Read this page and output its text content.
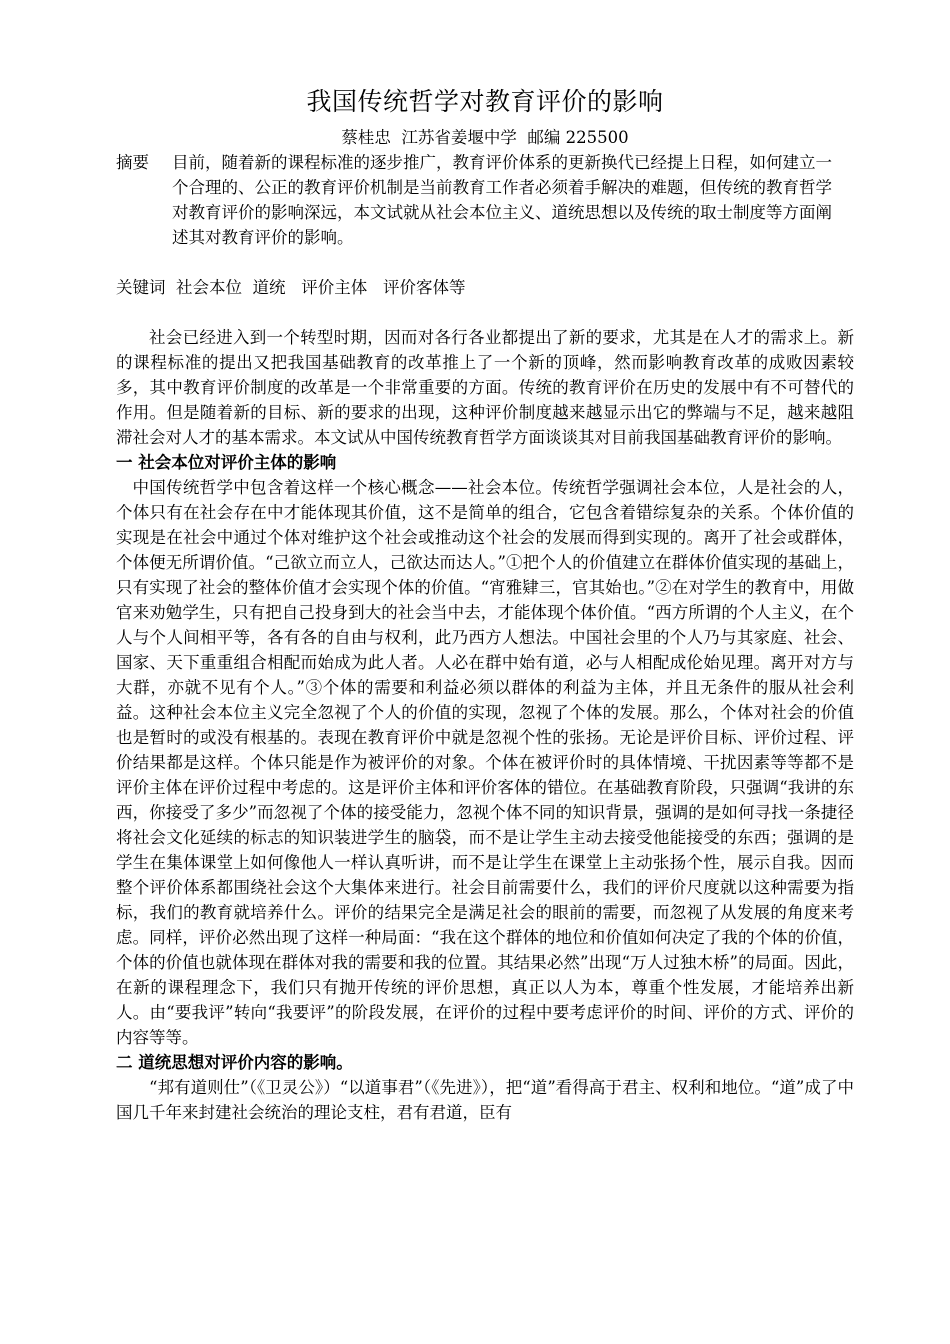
我国传统哲学对教育评价的影响
蔡桂忠  江苏省姜堰中学  邮编 225500
摘要 目前，随着新的课程标准的逐步推广，教育评价体系的更新换代已经提上日程，如何建立一个合理的、公正的教育评价机制是当前教育工作者必须着手解决的难题，但传统的教育哲学对教育评价的影响深远，本文试就从社会本位主义、道统思想以及传统的取士制度等方面阐述其对教育评价的影响。
关键词  社会本位  道统   评价主体   评价客体等

社会已经进入到一个转型时期，因而对各行各业都提出了新的要求，尤其是在人才的需求上。新的课程标准的提出又把我国基础教育的改革推上了一个新的顶峰，然而影响教育改革的成败因素较多，其中教育评价制度的改革是一个非常重要的方面。传统的教育评价在历史的发展中有不可替代的作用。但是随着新的目标、新的要求的出现，这种评价制度越来越显示出它的弊端与不足，越来越阻滞社会对人才的基本需求。本文试从中国传统教育哲学方面谈谈其对目前我国基础教育评价的影响。

一 社会本位对评价主体的影响

中国传统哲学中包含着这样一个核心概念——社会本位。传统哲学强调社会本位，人是社会的人，个体只有在社会存在中才能体现其价值，这不是简单的组合，它包含着错综复杂的关系。个体价值的实现是在社会中通过个体对维护这个社会或推动这个社会的发展而得到实现的。离开了社会或群体，个体便无所谓价值。“己欲立而立人，己欲达而达人。”①把个人的价值建立在群体价值实现的基础上，只有实现了社会的整体价值才会实现个体的价值。“宵雅肄三，官其始也。”②在对学生的教育中，用做官来劝勉学生，只有把自己投身到大的社会当中去，才能体现个体价值。“西方所谓的个人主义，在个人与个人间相平等，各有各的自由与权利，此乃西方人想法。中国社会里的个人乃与其家庭、社会、国家、天下重重组合相配而始成为此人者。人必在群中始有道，必与人相配成伦始见理。离开对方与大群，亦就不见有个人。”③个体的需要和利益必须以群体的利益为主体，并且无条件的服从社会利益。这种社会本位主义完全忽视了个人的价值的实现，忽视了个体的发展。那么，个体对社会的价值也是暂时的或没有根基的。表现在教育评价中就是忽视个性的张扬。无论是评价目标、评价过程、评价结果都是这样。个体只能是作为被评价的对象。个体在被评价时的具体情境、干扰因素等等都不是评价主体在评价过程中考虑的。这是评价主体和评价客体的错位。在基础教育阶段，只强调“我讲的东西，你接受了多少”而忽视了个体的接受能力，忽视个体不同的知识背景，强调的是如何寻找一条捷径将社会文化延续的标志的知识装进学生的脑袋，而不是让学生主动去接受他能接受的东西；强调的是学生在集体课堂上如何像他人一样认真听讲，而不是让学生在课堂上主动张扬个性，展示自我。因而整个评价体系都围绕社会这个大集体来进行。社会目前需要什么，我们的评价尺度就以这种需要为指标，我们的教育就培养什么。评价的结果完全是满足社会的眼前的需要，而忽视了从发展的角度来考虑。同样，评价必然出现了这样一种局面：“我在这个群体的地位和价值如何决定了我的个体的价值，个体的价值也就体现在群体对我的需要和我的位置。其结果必然”出现“万人过独木桥”的局面。因此，在新的课程理念下，我们只有抛开传统的评价思想，真正以人为本，尊重个性发展，才能培养出新人。由“要我评”转向“我要评”的阶段发展，在评价的过程中要考虑评价的时间、评价的方式、评价的内容等等。

二 道统思想对评价内容的影响。

“邦有道则仕”（《卫灵公》）“以道事君”（《先进》），把“道”看得高于君主、权利和地位。“道”成了中国几千年来封建社会统治的理论支柱，君有君道，臣有
